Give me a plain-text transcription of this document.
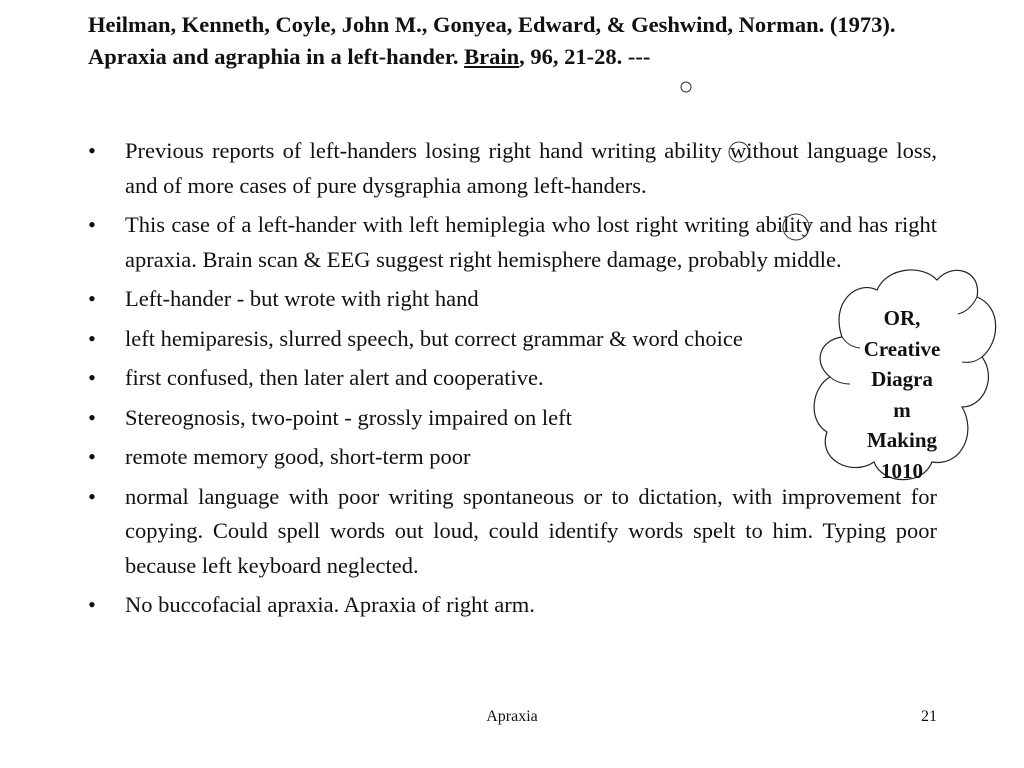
Heilman, Kenneth, Coyle, John M., Gonyea, Edward, & Geshwind, Norman. (1973). Apraxia and agraphia in a left-hander. Brain, 96, 21-28. ---

• Previous reports of left-handers losing right hand writing ability without language loss, and of more cases of pure dysgraphia among left-handers.
• This case of a left-hander with left hemiplegia who lost right writing ability and has right apraxia. Brain scan & EEG suggest right hemisphere damage, probably middle.
• Left-hander - but wrote with right hand
• left hemiparesis, slurred speech, but correct grammar & word choice
• first confused, then later alert and cooperative.
• Stereognosis, two-point - grossly impaired on left
• remote memory good, short-term poor
• normal language with poor writing spontaneous or to dictation, with improvement for copying. Could spell words out loud, could identify words spelt to him. Typing poor because left keyboard neglected.
• No buccofacial apraxia. Apraxia of right arm.
OR,
Creative
Diagra
m
Making
1010
Apraxia	21
